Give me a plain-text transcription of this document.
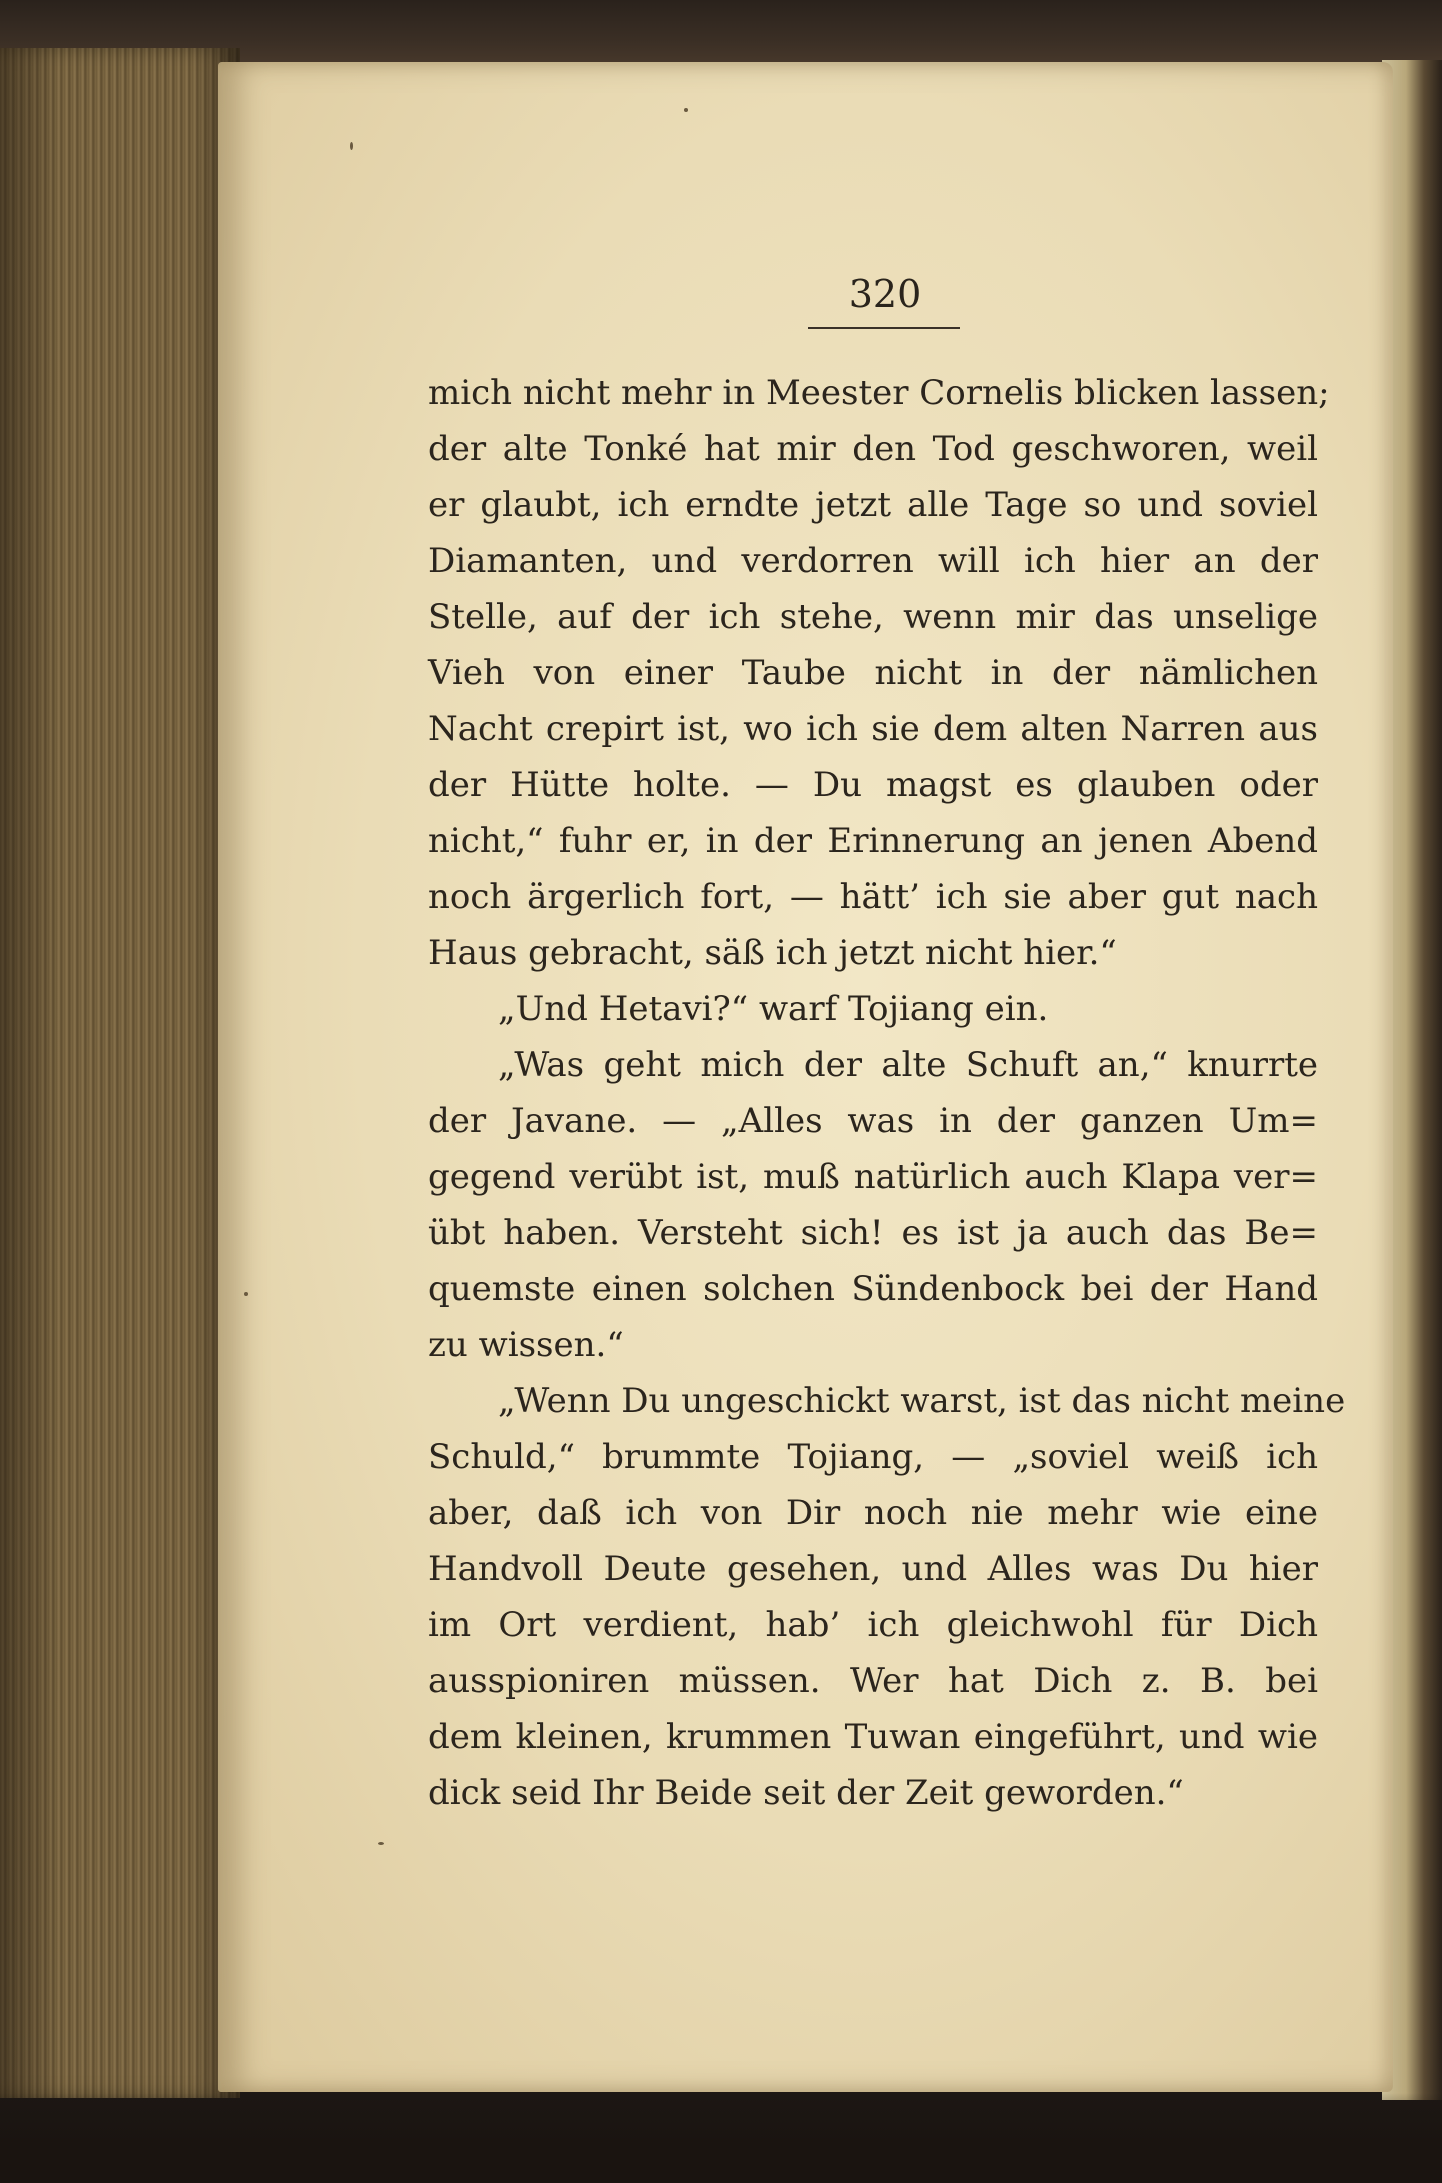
320
mich nicht mehr in Meester Cornelis blicken lassen;
der alte Tonké hat mir den Tod geschworen, weil
er glaubt, ich erndte jetzt alle Tage so und soviel
Diamanten, und verdorren will ich hier an der
Stelle, auf der ich stehe, wenn mir das unselige
Vieh von einer Taube nicht in der nämlichen
Nacht crepirt ist, wo ich sie dem alten Narren aus
der Hütte holte. — Du magst es glauben oder
nicht,“ fuhr er, in der Erinnerung an jenen Abend
noch ärgerlich fort, — hätt’ ich sie aber gut nach
Haus gebracht, säß ich jetzt nicht hier.“
„Und Hetavi?“ warf Tojiang ein.
„Was geht mich der alte Schuft an,“ knurrte
der Javane. — „Alles was in der ganzen Um=
gegend verübt ist, muß natürlich auch Klapa ver=
übt haben. Versteht sich! es ist ja auch das Be=
quemste einen solchen Sündenbock bei der Hand
zu wissen.“
„Wenn Du ungeschickt warst, ist das nicht meine
Schuld,“ brummte Tojiang, — „soviel weiß ich
aber, daß ich von Dir noch nie mehr wie eine
Handvoll Deute gesehen, und Alles was Du hier
im Ort verdient, hab’ ich gleichwohl für Dich
ausspioniren müssen. Wer hat Dich z. B. bei
dem kleinen, krummen Tuwan eingeführt, und wie
dick seid Ihr Beide seit der Zeit geworden.“
